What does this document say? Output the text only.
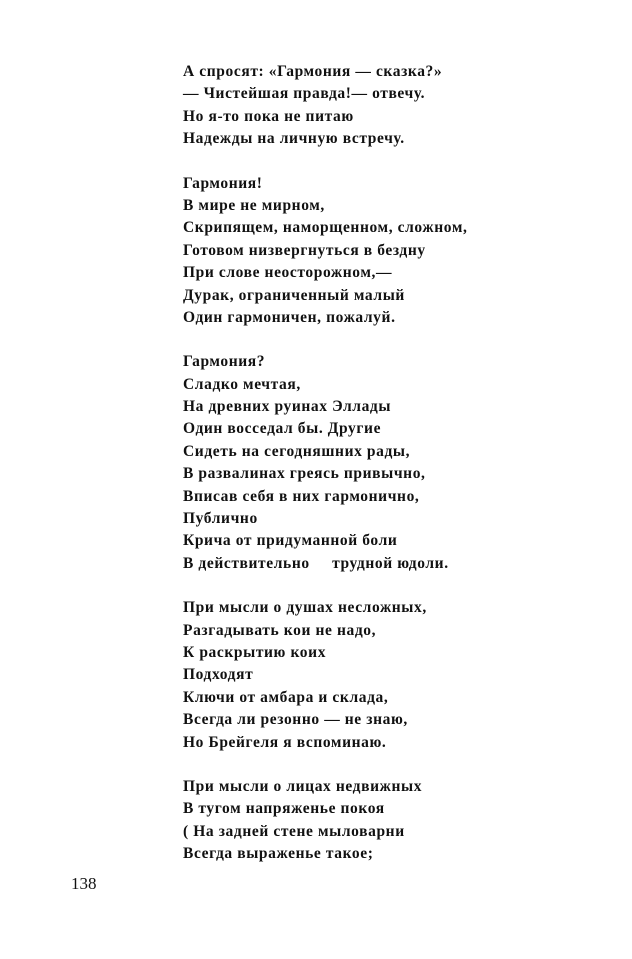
А спросят: «Гармония — сказка?»
— Чистейшая правда!— отвечу.
Но я-то пока не питаю
Надежды на личную встречу.
Гармония!
В мире не мирном,
Скрипящем, наморщенном, сложном,
Готовом низвергнуться в бездну
При слове неосторожном,—
Дурак, ограниченный малый
Один гармоничен, пожалуй.
Гармония?
Сладко мечтая,
На древних руинах Эллады
Один восседал бы. Другие
Сидеть на сегодняшних рады,
В развалинах греясь привычно,
Вписав себя в них гармонично,
Публично
Крича от придуманной боли
В действительно     трудной юдоли.
При мысли о душах несложных,
Разгадывать кои не надо,
К раскрытию коих
Подходят
Ключи от амбара и склада,
Всегда ли резонно — не знаю,
Но Брейгеля я вспоминаю.
При мысли о лицах недвижных
В тугом напряженье покоя
( На задней стене мыловарни
Всегда выраженье такое;
138
